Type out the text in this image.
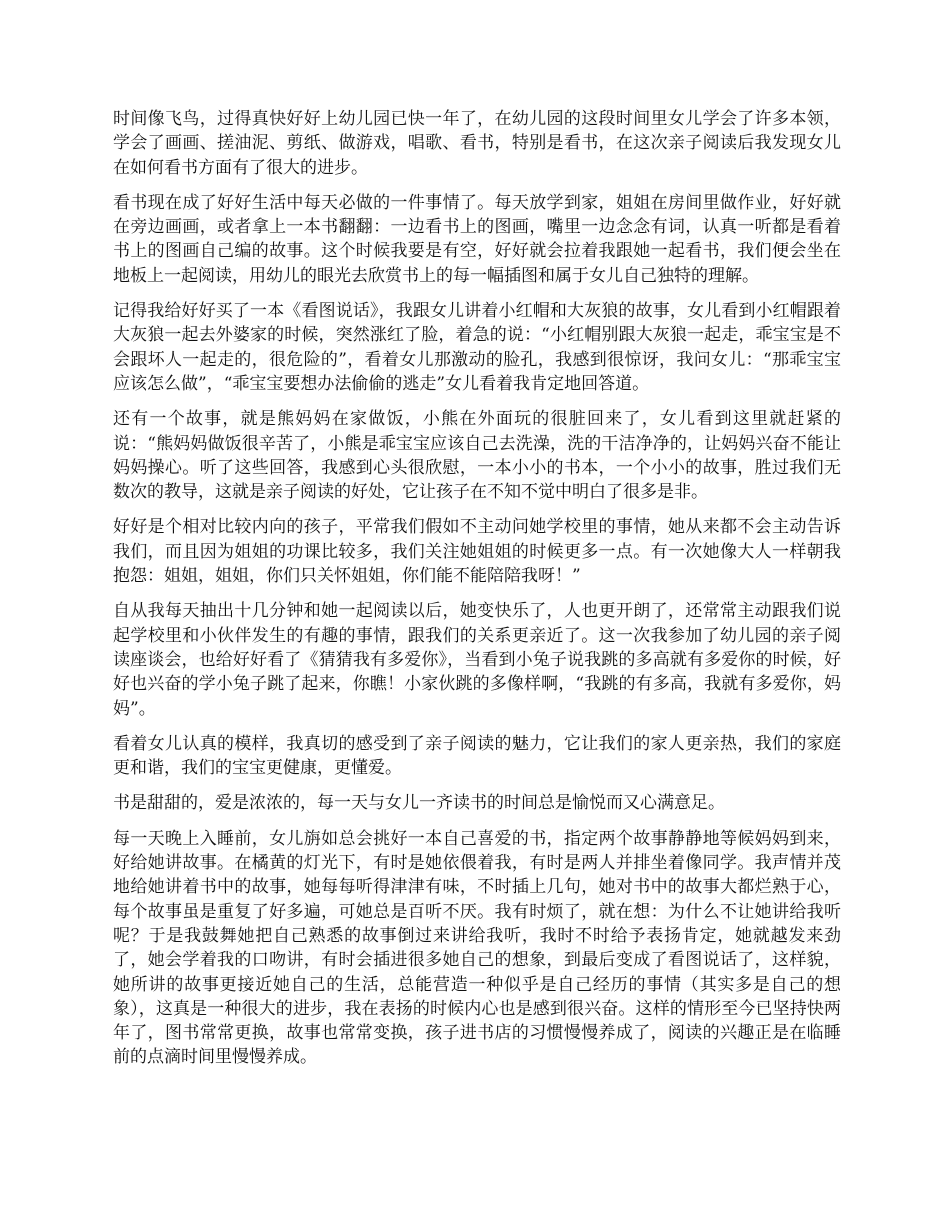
时间像飞鸟，过得真快好好上幼儿园已快一年了，在幼儿园的这段时间里女儿学会了许多本领，学会了画画、搓油泥、剪纸、做游戏，唱歌、看书，特别是看书，在这次亲子阅读后我发现女儿在如何看书方面有了很大的进步。

看书现在成了好好生活中每天必做的一件事情了。每天放学到家，姐姐在房间里做作业，好好就在旁边画画，或者拿上一本书翻翻：一边看书上的图画，嘴里一边念念有词，认真一听都是看着书上的图画自己编的故事。这个时候我要是有空，好好就会拉着我跟她一起看书，我们便会坐在地板上一起阅读，用幼儿的眼光去欣赏书上的每一幅插图和属于女儿自己独特的理解。

记得我给好好买了一本《看图说话》，我跟女儿讲着小红帽和大灰狼的故事，女儿看到小红帽跟着大灰狼一起去外婆家的时候，突然涨红了脸，着急的说：“小红帽别跟大灰狼一起走，乖宝宝是不会跟坏人一起走的，很危险的”，看着女儿那激动的脸孔，我感到很惊讶，我问女儿：“那乖宝宝应该怎么做”，“乖宝宝要想办法偷偷的逃走”女儿看着我肯定地回答道。

还有一个故事，就是熊妈妈在家做饭，小熊在外面玩的很脏回来了，女儿看到这里就赶紧的说：“熊妈妈做饭很辛苦了，小熊是乖宝宝应该自己去洗澡，洗的干洁净净的，让妈妈兴奋不能让妈妈操心。听了这些回答，我感到心头很欣慰，一本小小的书本，一个小小的故事，胜过我们无数次的教导，这就是亲子阅读的好处，它让孩子在不知不觉中明白了很多是非。

好好是个相对比较内向的孩子，平常我们假如不主动问她学校里的事情，她从来都不会主动告诉我们，而且因为姐姐的功课比较多，我们关注她姐姐的时候更多一点。有一次她像大人一样朝我抱怨：姐姐，姐姐，你们只关怀姐姐，你们能不能陪陪我呀！”

自从我每天抽出十几分钟和她一起阅读以后，她变快乐了，人也更开朗了，还常常主动跟我们说起学校里和小伙伴发生的有趣的事情，跟我们的关系更亲近了。这一次我参加了幼儿园的亲子阅读座谈会，也给好好看了《猜猜我有多爱你》，当看到小兔子说我跳的多高就有多爱你的时候，好好也兴奋的学小兔子跳了起来，你瞧！小家伙跳的多像样啊，“我跳的有多高，我就有多爱你，妈妈”。

看着女儿认真的模样，我真切的感受到了亲子阅读的魅力，它让我们的家人更亲热，我们的家庭更和谐，我们的宝宝更健康，更懂爱。

书是甜甜的，爱是浓浓的，每一天与女儿一齐读书的时间总是愉悦而又心满意足。

每一天晚上入睡前，女儿旃如总会挑好一本自己喜爱的书，指定两个故事静静地等候妈妈到来，好给她讲故事。在橘黄的灯光下，有时是她依偎着我，有时是两人并排坐着像同学。我声情并茂地给她讲着书中的故事，她每每听得津津有味，不时插上几句，她对书中的故事大都烂熟于心，每个故事虽是重复了好多遍，可她总是百听不厌。我有时烦了，就在想：为什么不让她讲给我听呢？于是我鼓舞她把自己熟悉的故事倒过来讲给我听，我时不时给予表扬肯定，她就越发来劲了，她会学着我的口吻讲，有时会插进很多她自己的想象，到最后变成了看图说话了，这样貌，她所讲的故事更接近她自己的生活，总能营造一种似乎是自己经历的事情（其实多是自己的想象），这真是一种很大的进步，我在表扬的时候内心也是感到很兴奋。这样的情形至今已坚持快两年了，图书常常更换，故事也常常变换，孩子进书店的习惯慢慢养成了，阅读的兴趣正是在临睡前的点滴时间里慢慢养成。
